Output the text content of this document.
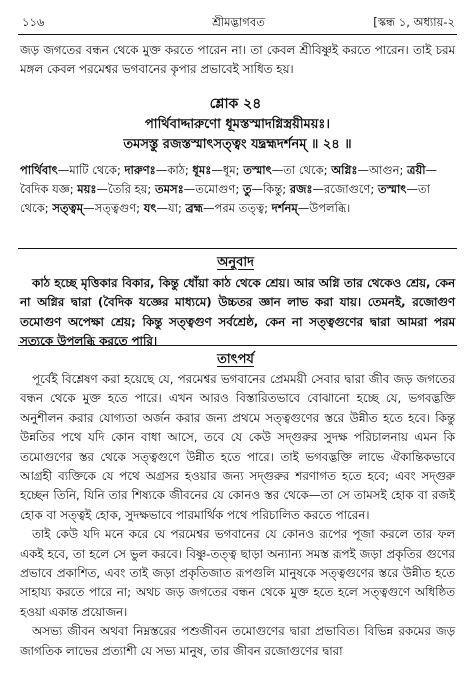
১১৬	শ্রীমদ্ভাগবত	[স্কন্ধ ১, অধ্যায়-২

জড় জগতের বন্ধন থেকে মুক্ত করতে পারেন না। তা কেবল শ্রীবিষ্ণুই করতে পারেন। তাই চরম মঙ্গল কেবল পরমেশ্বর ভগবানের কৃপার প্রভাবেই সাধিত হয়।

শ্লোক ২৪
পার্থিবাদ্দারুণো ধূমস্তস্মাদগ্নিস্ত্রয়ীময়ঃ।
তমসস্তু রজস্তস্মাৎসত্ত্বং যদ্ব্রহ্মদর্শনম্ ॥ ২৪ ॥
পার্থিবাৎ—মাটি থেকে; দারুণঃ—কাঠ; ধূমঃ—ধূম; তস্মাৎ—তা থেকে; অগ্নিঃ—আগুন; ত্রয়ী—বৈদিক যজ্ঞ; ময়ঃ—তৈরি হয়; তমসঃ—তমোগুণ; তু—কিন্তু; রজঃ—রজোগুণে; তস্মাৎ—তা থেকে; সত্ত্বম্—সত্ত্বগুণ; যৎ—যা; ব্রহ্ম—পরম তত্ত্ব; দর্শনম্—উপলব্ধি।
অনুবাদ

কাঠ হচ্ছে মৃত্তিকার বিকার, কিন্তু ধোঁয়া কাঠ থেকে শ্রেয়। আর অগ্নি তার থেকেও শ্রেয়, কেন না অগ্নির দ্বারা (বৈদিক যজ্ঞের মাধ্যমে) উচ্চতর জ্ঞান লাভ করা যায়। তেমনই, রজোগুণ তমোগুণ অপেক্ষা শ্রেয়; কিন্তু সত্ত্বগুণ সর্বশ্রেষ্ঠ, কেন না সত্ত্বগুণের দ্বারা আমরা পরম সত্যকে উপলব্ধি করতে পারি।

তাৎপর্য

পূর্বেই বিশ্লেষণ করা হয়েছে যে, পরমেশ্বর ভগবানের প্রেমময়ী সেবার দ্বারা জীব জড় জগতের বন্ধন থেকে মুক্ত হতে পারে। এখন আরও বিস্তারিতভাবে বোঝানো হচ্ছে যে, ভগবদ্ভক্তি অনুশীলন করার যোগ্যতা অর্জন করার জন্য প্রথমে সত্ত্বগুণের স্তরে উন্নীত হতে হবে। কিন্তু উন্নতির পথে যদি কোন বাধা আসে, তবে যে কেউ সদ্গুরুর সুদক্ষ পরিচালনায় এমন কি তমোগুণের স্তর থেকে সত্ত্বগুণে উন্নীত হতে পারে। তাই ভগবদ্ভক্তি লাভে ঐকান্তিকভাবে আগ্রহী ব্যক্তিকে যে পথে অগ্রসর হওয়ার জন্য সদ্গুরুর শরণাগত হতে হবে; এবং সদ্গুরু হচ্ছেন তিনি, যিনি তার শিষ্যকে জীবনের যে কোনও স্তর থেকে—তা সে তামসই হোক বা রজই হোক বা সত্ত্বই হোক, সুদক্ষভাবে পারমার্থিক পথে পরিচালিত করতে পারেন।

তাই কেউ যদি মনে করে যে পরমেশ্বর ভগবানের যে কোনও রূপের পূজা করলে তার ফল একই হবে, তা হলে সে ভুল করবে। বিষ্ণু-তত্ত্ব ছাড়া অন্যান্য সমস্ত রূপই জড়া প্রকৃতির গুণের প্রভাবে প্রকাশিত, এবং তাই জড়া প্রকৃতিজাত রূপগুলি মানুষকে সত্ত্বগুণের স্তরে উন্নীত হতে সাহায্য করতে পারে না; অথচ জড় জগতের বন্ধন থেকে মুক্ত হতে হলে সত্ত্বগুণে অধিষ্ঠিত হওয়া একান্ত প্রয়োজন।

অসভ্য জীবন অথবা নিম্নস্তরের পশুজীবন তমোগুণের দ্বারা প্রভাবিত। বিভিন্ন রকমের জড় জাগতিক লাভের প্রত্যাশী যে সভ্য মানুষ, তার জীবন রজোগুণের দ্বারা
